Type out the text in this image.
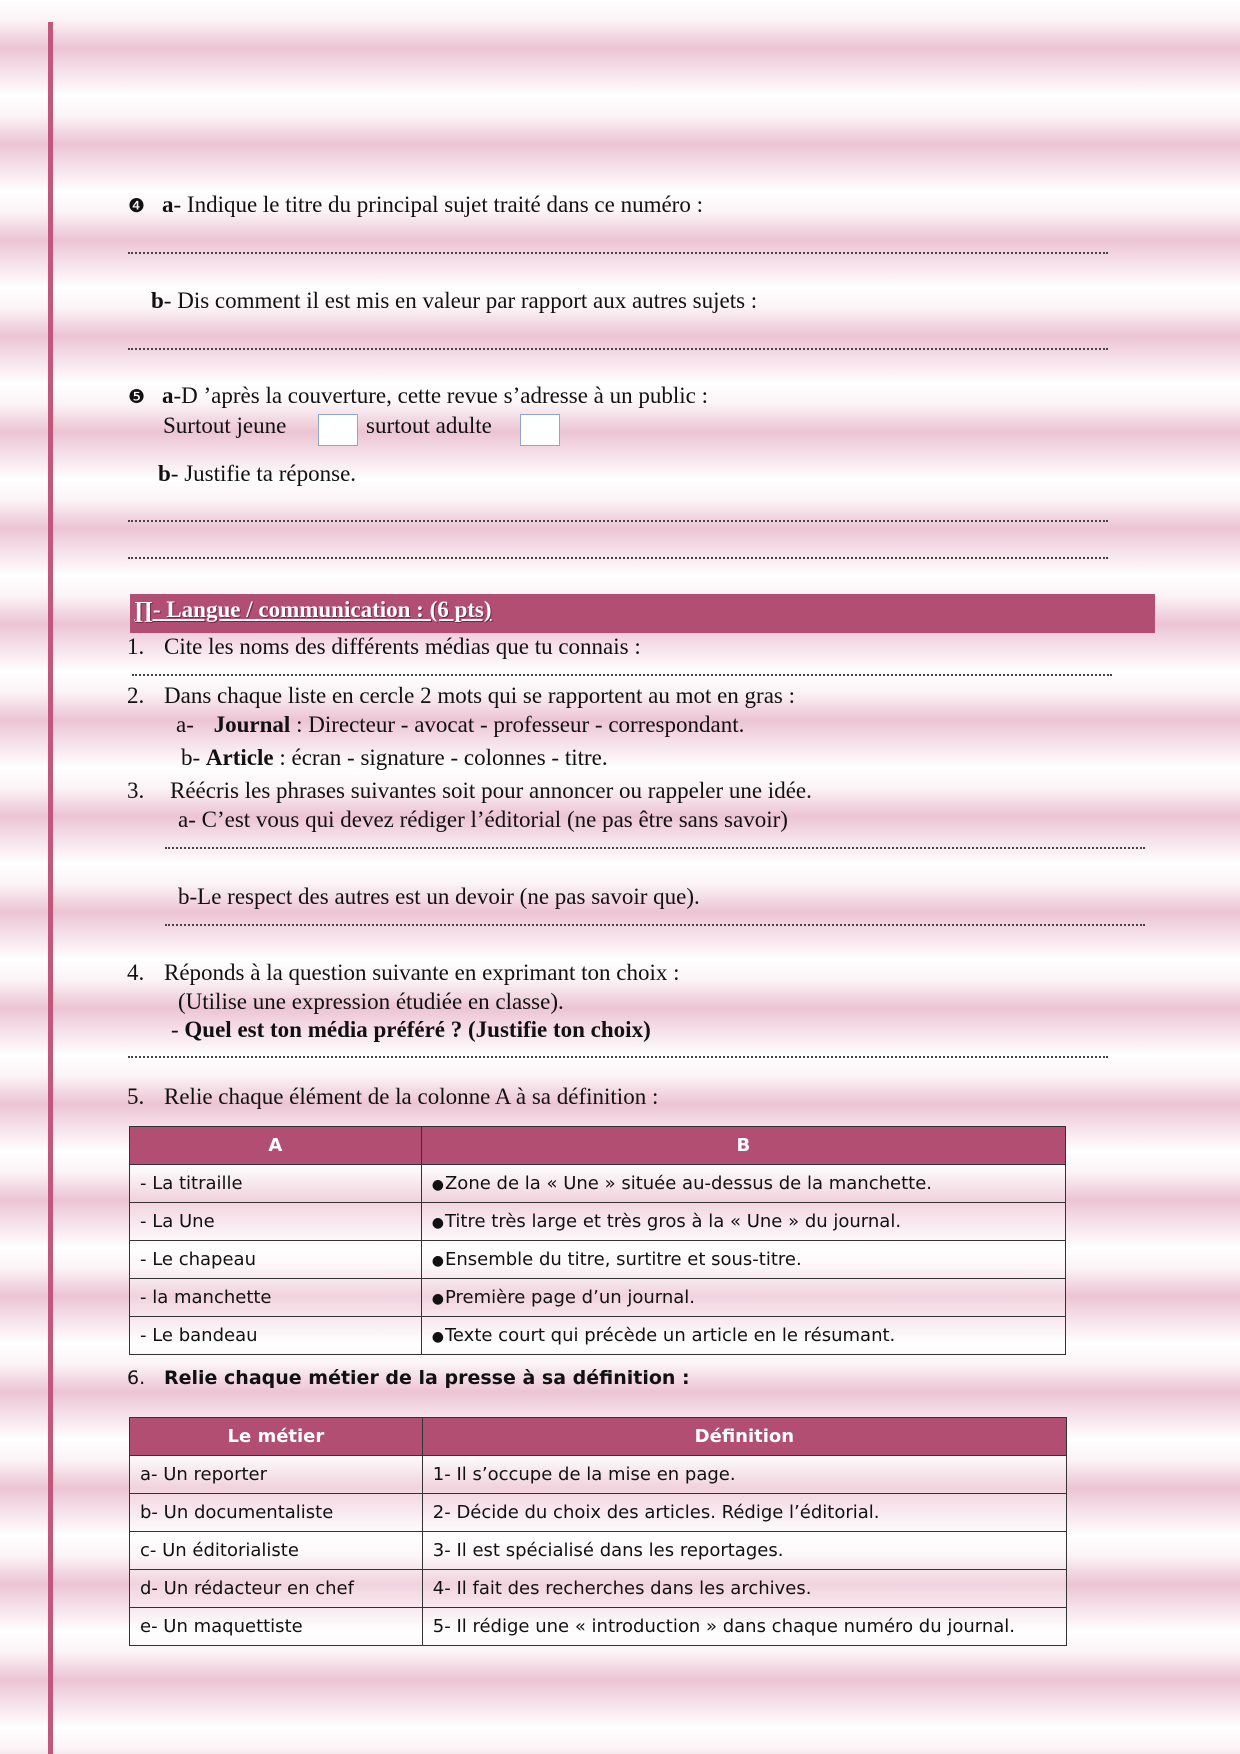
❹ a- Indique le titre du principal sujet traité dans ce numéro :
b- Dis comment il est mis en valeur par rapport aux autres sujets :
❺ a-D ’après la couverture, cette revue s’adresse à un public :
Surtout jeune	surtout adulte
b- Justifie ta réponse.
∏- Langue / communication : (6 pts)
1. Cite les noms des différents médias que tu connais :
2. Dans chaque liste en cercle 2 mots qui se rapportent au mot en gras :
a- Journal : Directeur - avocat - professeur - correspondant.
b- Article : écran - signature - colonnes - titre.
3. Réécris les phrases suivantes soit pour annoncer ou rappeler une idée.
a- C’est vous qui devez rédiger l’éditorial (ne pas être sans savoir)
b-Le respect des autres est un devoir (ne pas savoir que).
4. Réponds à la question suivante en exprimant ton choix :
(Utilise une expression étudiée en classe).
- Quel est ton média préféré ? (Justifie ton choix)
5. Relie chaque élément de la colonne A à sa définition :
A	B
- La titraille	●Zone de la « Une » située au-dessus de la manchette.
- La Une	●Titre très large et très gros à la « Une » du journal.
- Le chapeau	●Ensemble du titre, surtitre et sous-titre.
- la manchette	●Première page d’un journal.
- Le bandeau	●Texte court qui précède un article en le résumant.
6. Relie chaque métier de la presse à sa définition :
Le métier	Définition
a- Un reporter	1- Il s’occupe de la mise en page.
b- Un documentaliste	2- Décide du choix des articles. Rédige l’éditorial.
c- Un éditorialiste	3- Il est spécialisé dans les reportages.
d- Un rédacteur en chef	4- Il fait des recherches dans les archives.
e- Un maquettiste	5- Il rédige une « introduction » dans chaque numéro du journal.
